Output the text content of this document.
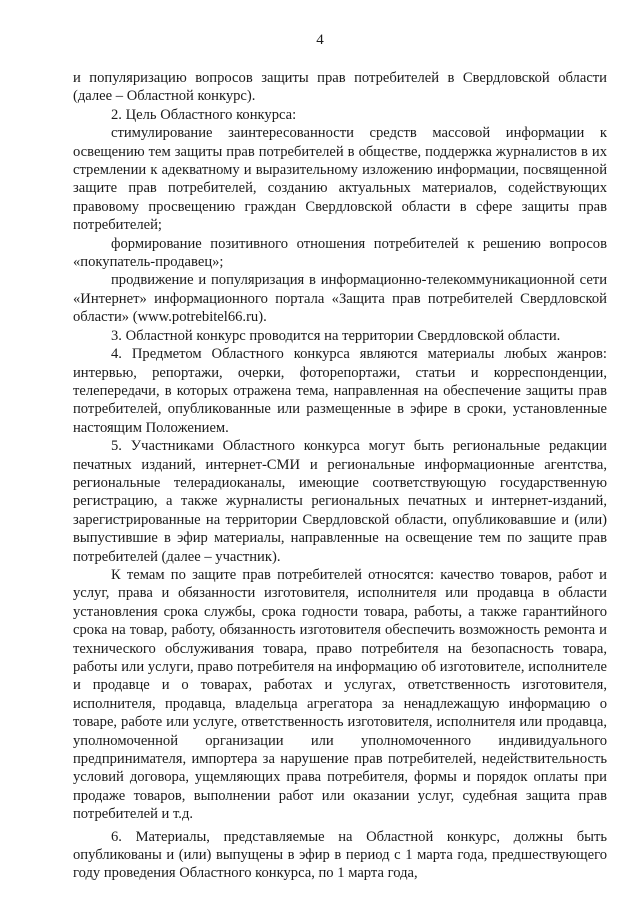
4

и популяризацию вопросов защиты прав потребителей в Свердловской области (далее – Областной конкурс).

2. Цель Областного конкурса:

стимулирование заинтересованности средств массовой информации к освещению тем защиты прав потребителей в обществе, поддержка журналистов в их стремлении к адекватному и выразительному изложению информации, посвященной защите прав потребителей, созданию актуальных материалов, содействующих правовому просвещению граждан Свердловской области в сфере защиты прав потребителей;

формирование позитивного отношения потребителей к решению вопросов «покупатель-продавец»;

продвижение и популяризация в информационно-телекоммуникационной сети «Интернет» информационного портала «Защита прав потребителей Свердловской области» (www.potrebitel66.ru).

3. Областной конкурс проводится на территории Свердловской области.

4. Предметом Областного конкурса являются материалы любых жанров: интервью, репортажи, очерки, фоторепортажи, статьи и корреспонденции, телепередачи, в которых отражена тема, направленная на обеспечение защиты прав потребителей, опубликованные или размещенные в эфире в сроки, установленные настоящим Положением.

5. Участниками Областного конкурса могут быть региональные редакции печатных изданий, интернет-СМИ и региональные информационные агентства, региональные телерадиоканалы, имеющие соответствующую государственную регистрацию, а также журналисты региональных печатных и интернет-изданий, зарегистрированные на территории Свердловской области, опубликовавшие и (или) выпустившие в эфир материалы, направленные на освещение тем по защите прав потребителей (далее – участник).

К темам по защите прав потребителей относятся: качество товаров, работ и услуг, права и обязанности изготовителя, исполнителя или продавца в области установления срока службы, срока годности товара, работы, а также гарантийного срока на товар, работу, обязанность изготовителя обеспечить возможность ремонта и технического обслуживания товара, право потребителя на безопасность товара, работы или услуги, право потребителя на информацию об изготовителе, исполнителе и продавце и о товарах, работах и услугах, ответственность изготовителя, исполнителя, продавца, владельца агрегатора за ненадлежащую информацию о товаре, работе или услуге, ответственность изготовителя, исполнителя или продавца, уполномоченной организации или уполномоченного индивидуального предпринимателя, импортера за нарушение прав потребителей, недействительность условий договора, ущемляющих права потребителя, формы и порядок оплаты при продаже товаров, выполнении работ или оказании услуг, судебная защита прав потребителей и т.д.

6. Материалы, представляемые на Областной конкурс, должны быть опубликованы и (или) выпущены в эфир в период с 1 марта года, предшествующего году проведения Областного конкурса, по 1 марта года,
